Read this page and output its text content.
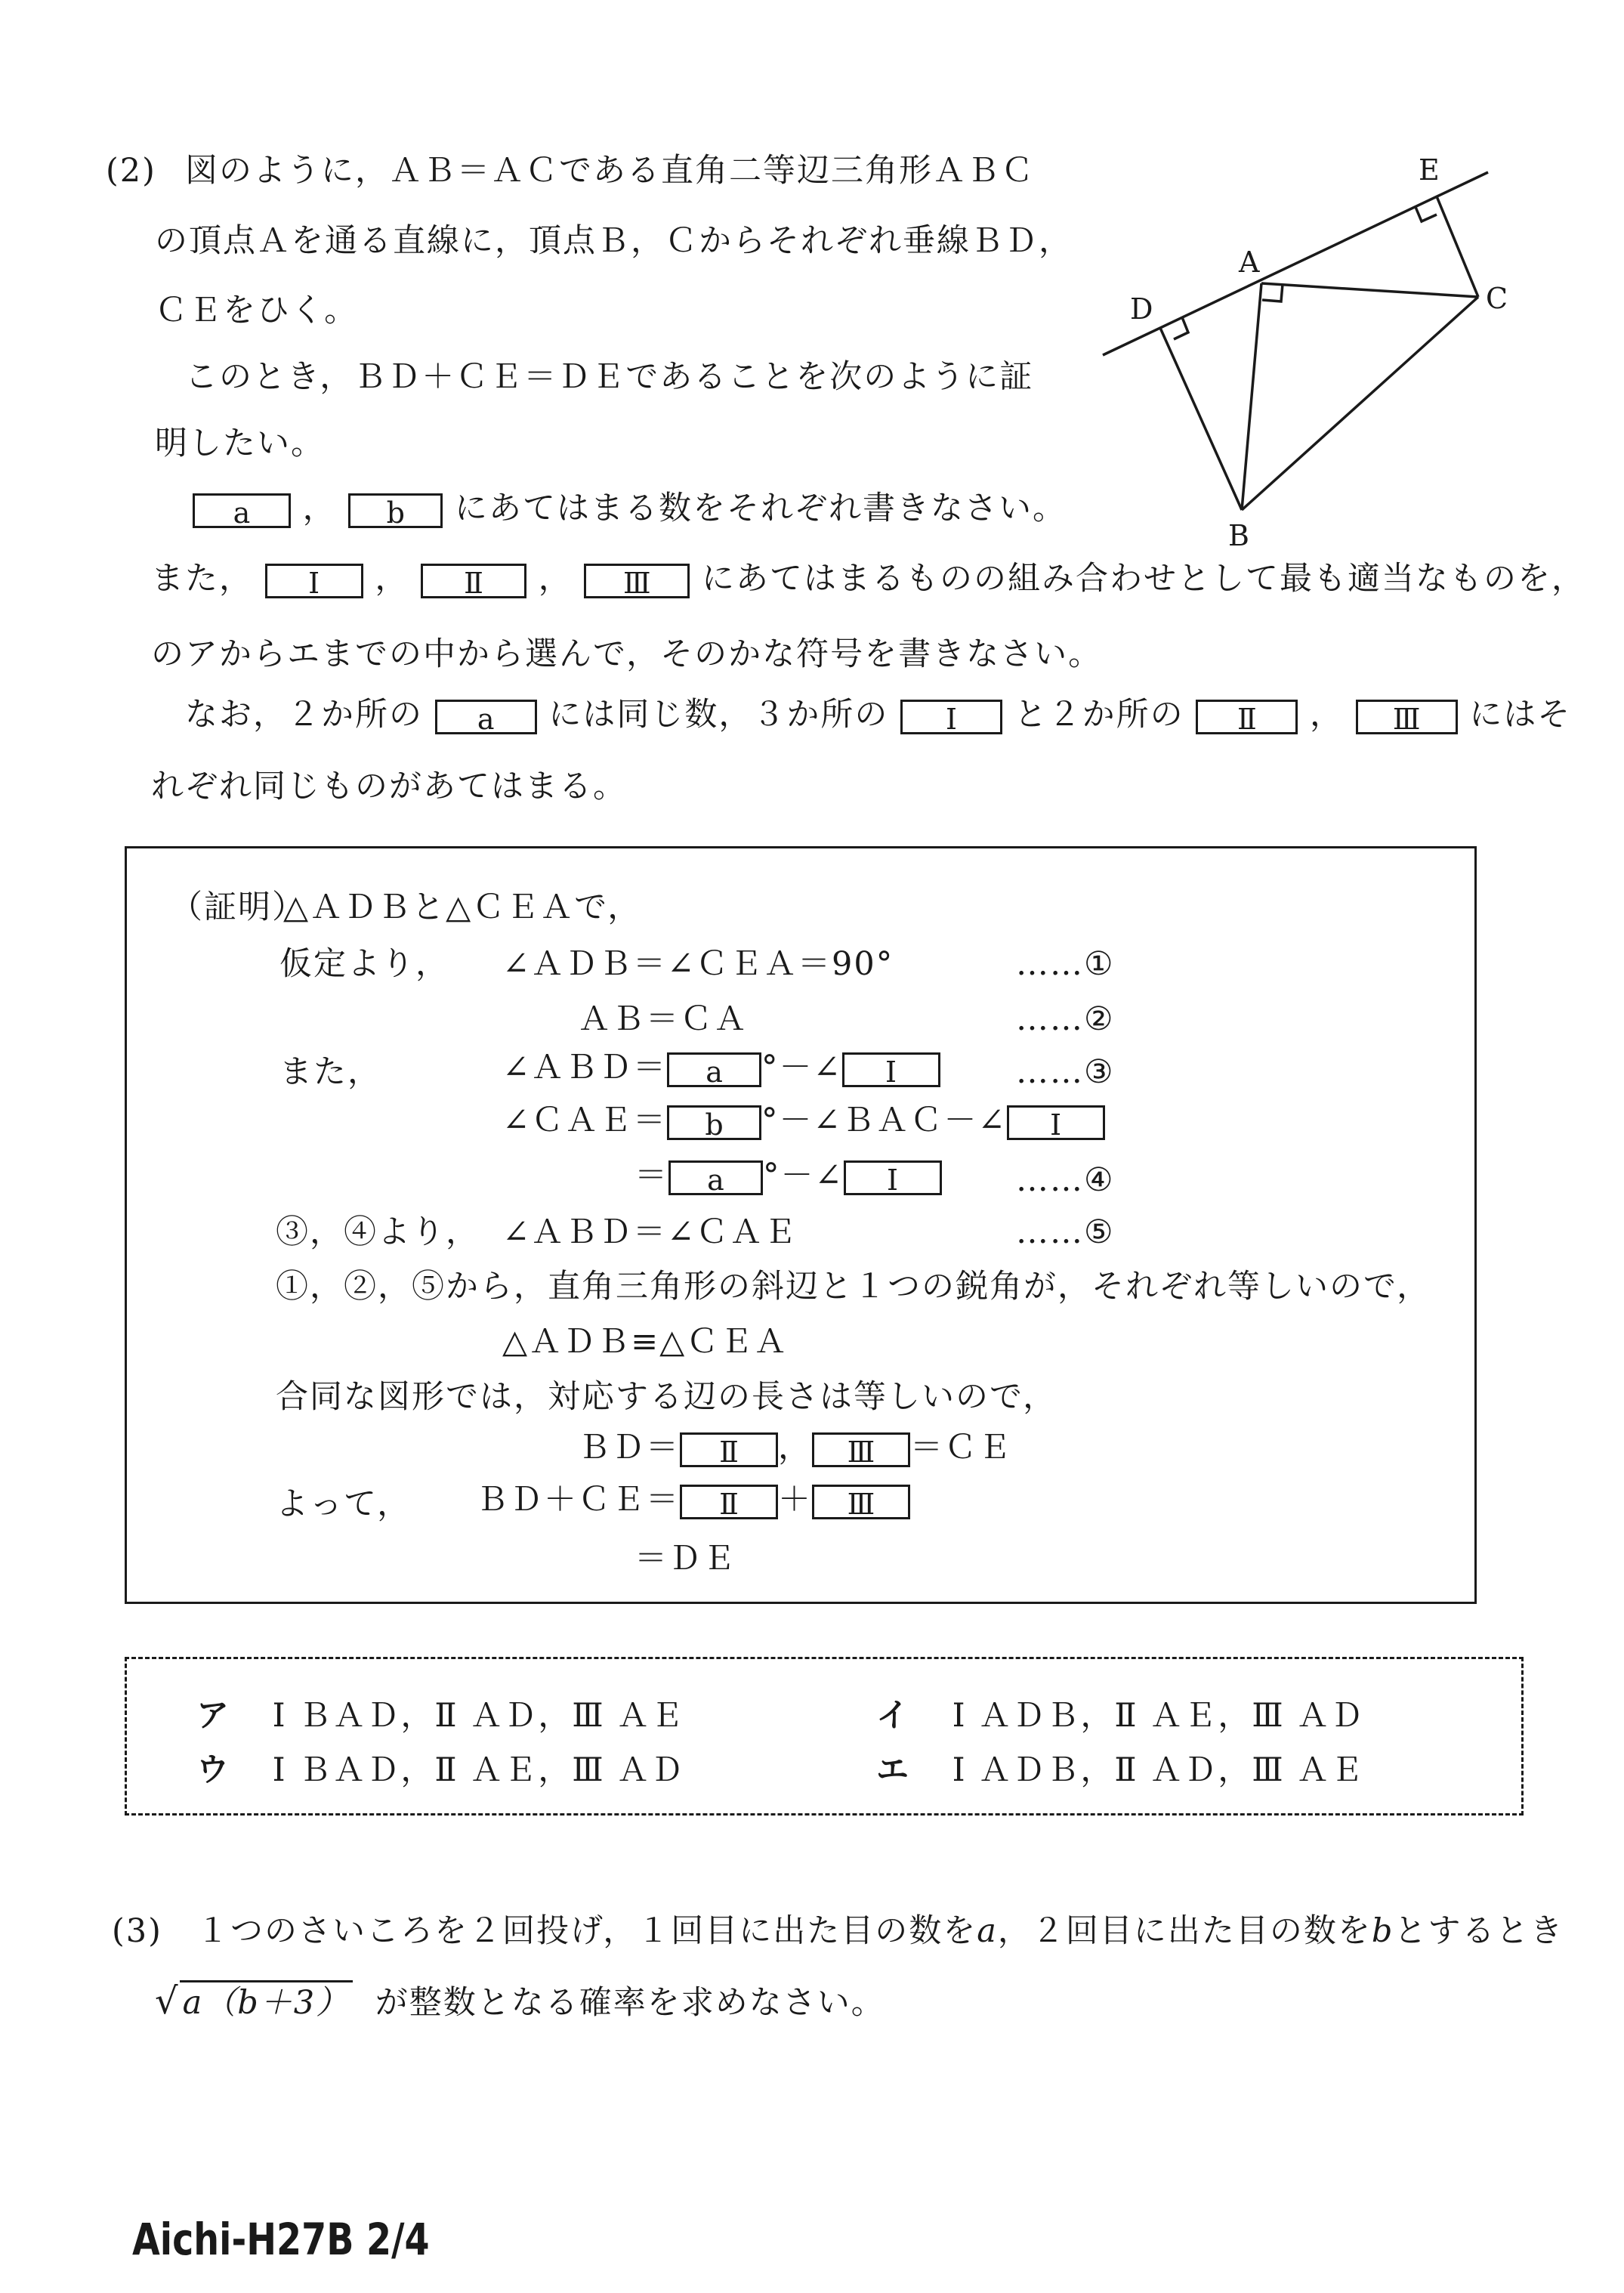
(2) 図のように，ＡＢ＝ＡＣである直角二等辺三角形ＡＢＣ
の頂点Ａを通る直線に，頂点Ｂ，Ｃからそれぞれ垂線ＢＤ，
ＣＥをひく。
このとき，ＢＤ＋ＣＥ＝ＤＥであることを次のように証
明したい。
a ， b にあてはまる数をそれぞれ書きなさい。
また， Ⅰ ， Ⅱ ， Ⅲ にあてはまるものの組み合わせとして最も適当なものを，
のアからエまでの中から選んで，そのかな符号を書きなさい。
なお，２か所の a には同じ数，３か所の Ⅰ と２か所の Ⅱ ， Ⅲ にはそ
れぞれ同じものがあてはまる。
E
A
C
D
B
（証明）
△ＡＤＢと△ＣＥＡで，
仮定より， ∠ＡＤＢ＝∠ＣＥＡ＝90°	……①
ＡＢ＝ＣＡ	……②
また，	∠ＡＢＤ＝ a °－∠ Ⅰ	……③
∠ＣＡＥ＝ b °－∠ＢＡＣ－∠ Ⅰ
＝ a °－∠ Ⅰ	……④
③，④より， ∠ＡＢＤ＝∠ＣＡＥ	……⑤
①，②，⑤から，直角三角形の斜辺と１つの鋭角が，それぞれ等しいので，
△ＡＤＢ≡△ＣＥＡ
合同な図形では，対応する辺の長さは等しいので，
ＢＤ＝ Ⅱ ， Ⅲ ＝ＣＥ
よって， ＢＤ＋ＣＥ＝ Ⅱ ＋ Ⅲ
＝ＤＥ
ア Ⅰ ＢＡＤ，Ⅱ ＡＤ，Ⅲ ＡＥ	イ Ⅰ ＡＤＢ，Ⅱ ＡＥ，Ⅲ ＡＤ
ウ Ⅰ ＢＡＤ，Ⅱ ＡＥ，Ⅲ ＡＤ	エ Ⅰ ＡＤＢ，Ⅱ ＡＤ，Ⅲ ＡＥ
(3) １つのさいころを２回投げ，１回目に出た目の数をa，２回目に出た目の数をbとするとき
√a（b＋3） が整数となる確率を求めなさい。
Aichi-H27B 2/4
